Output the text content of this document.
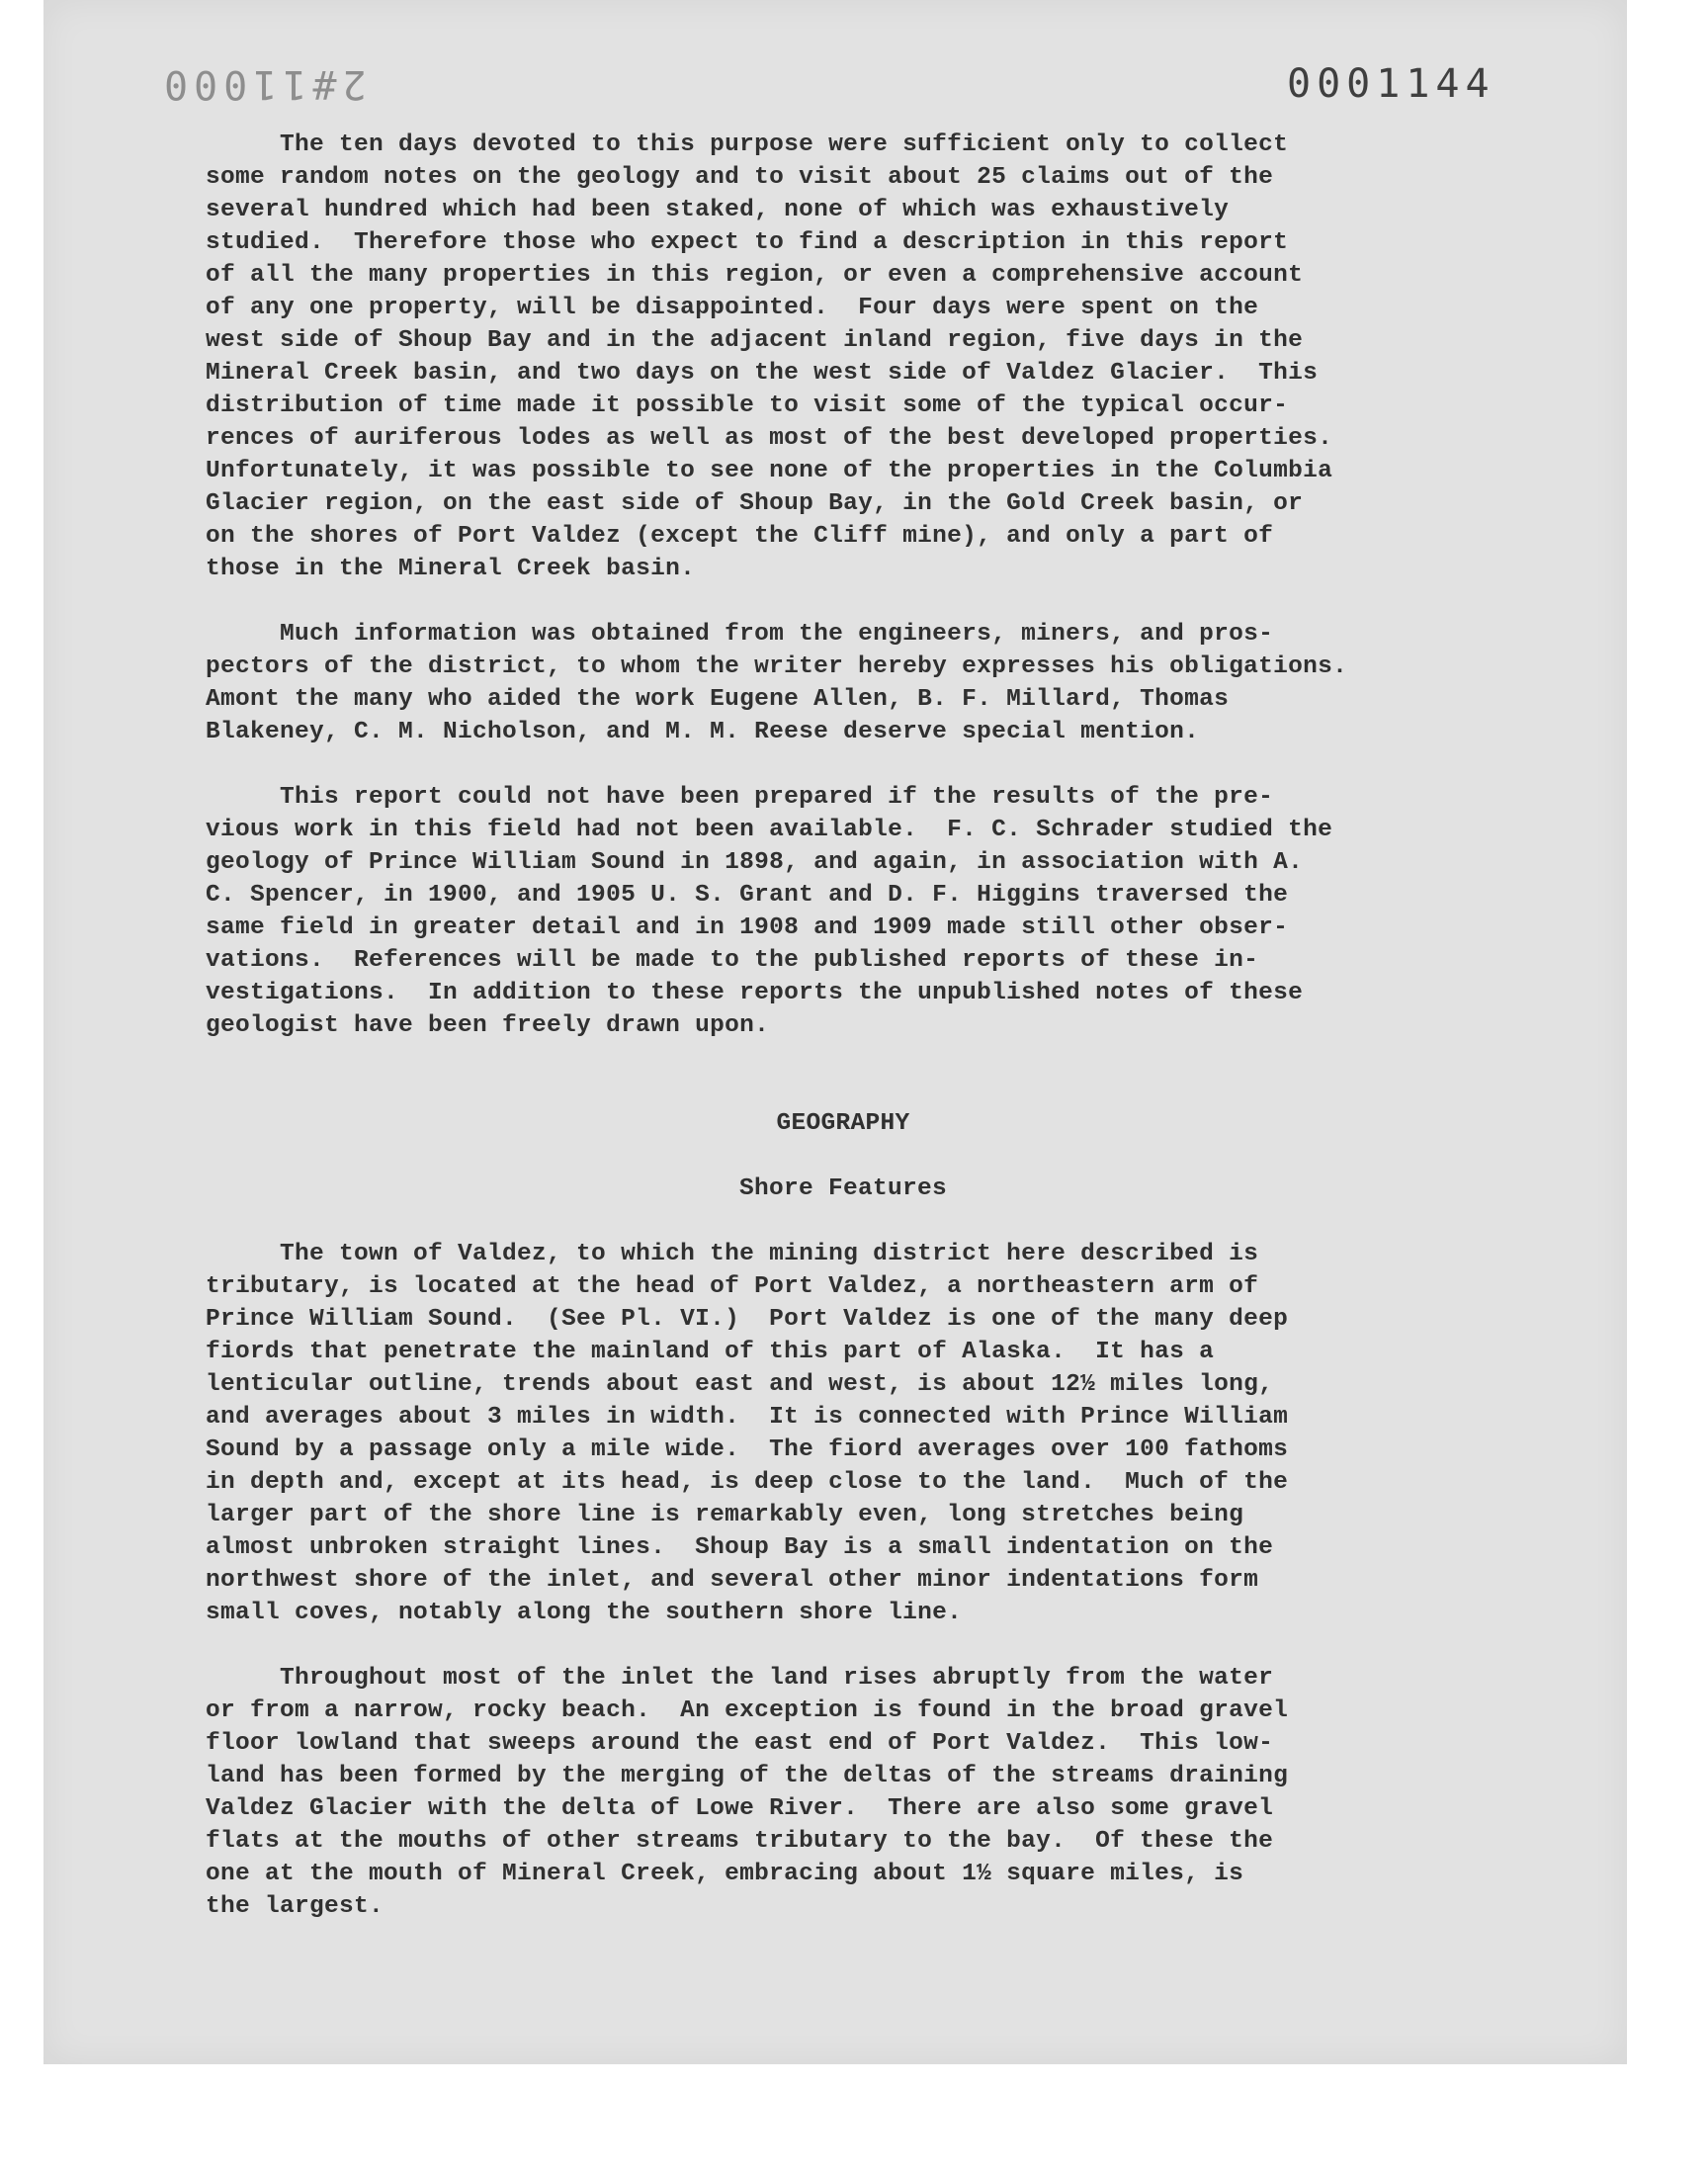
2#11000	0001144
The ten days devoted to this purpose were sufficient only to collect
some random notes on the geology and to visit about 25 claims out of the
several hundred which had been staked, none of which was exhaustively
studied.  Therefore those who expect to find a description in this report
of all the many properties in this region, or even a comprehensive account
of any one property, will be disappointed.  Four days were spent on the
west side of Shoup Bay and in the adjacent inland region, five days in the
Mineral Creek basin, and two days on the west side of Valdez Glacier.  This
distribution of time made it possible to visit some of the typical occur-
rences of auriferous lodes as well as most of the best developed properties.
Unfortunately, it was possible to see none of the properties in the Columbia
Glacier region, on the east side of Shoup Bay, in the Gold Creek basin, or
on the shores of Port Valdez (except the Cliff mine), and only a part of
those in the Mineral Creek basin.
Much information was obtained from the engineers, miners, and pros-
pectors of the district, to whom the writer hereby expresses his obligations.
Amont the many who aided the work Eugene Allen, B. F. Millard, Thomas
Blakeney, C. M. Nicholson, and M. M. Reese deserve special mention.
This report could not have been prepared if the results of the pre-
vious work in this field had not been available.  F. C. Schrader studied the
geology of Prince William Sound in 1898, and again, in association with A.
C. Spencer, in 1900, and 1905 U. S. Grant and D. F. Higgins traversed the
same field in greater detail and in 1908 and 1909 made still other obser-
vations.  References will be made to the published reports of these in-
vestigations.  In addition to these reports the unpublished notes of these
geologist have been freely drawn upon.
GEOGRAPHY
Shore Features
The town of Valdez, to which the mining district here described is
tributary, is located at the head of Port Valdez, a northeastern arm of
Prince William Sound.  (See Pl. VI.)  Port Valdez is one of the many deep
fiords that penetrate the mainland of this part of Alaska.  It has a
lenticular outline, trends about east and west, is about 12½ miles long,
and averages about 3 miles in width.  It is connected with Prince William
Sound by a passage only a mile wide.  The fiord averages over 100 fathoms
in depth and, except at its head, is deep close to the land.  Much of the
larger part of the shore line is remarkably even, long stretches being
almost unbroken straight lines.  Shoup Bay is a small indentation on the
northwest shore of the inlet, and several other minor indentations form
small coves, notably along the southern shore line.
Throughout most of the inlet the land rises abruptly from the water
or from a narrow, rocky beach.  An exception is found in the broad gravel
floor lowland that sweeps around the east end of Port Valdez.  This low-
land has been formed by the merging of the deltas of the streams draining
Valdez Glacier with the delta of Lowe River.  There are also some gravel
flats at the mouths of other streams tributary to the bay.  Of these the
one at the mouth of Mineral Creek, embracing about 1½ square miles, is
the largest.
